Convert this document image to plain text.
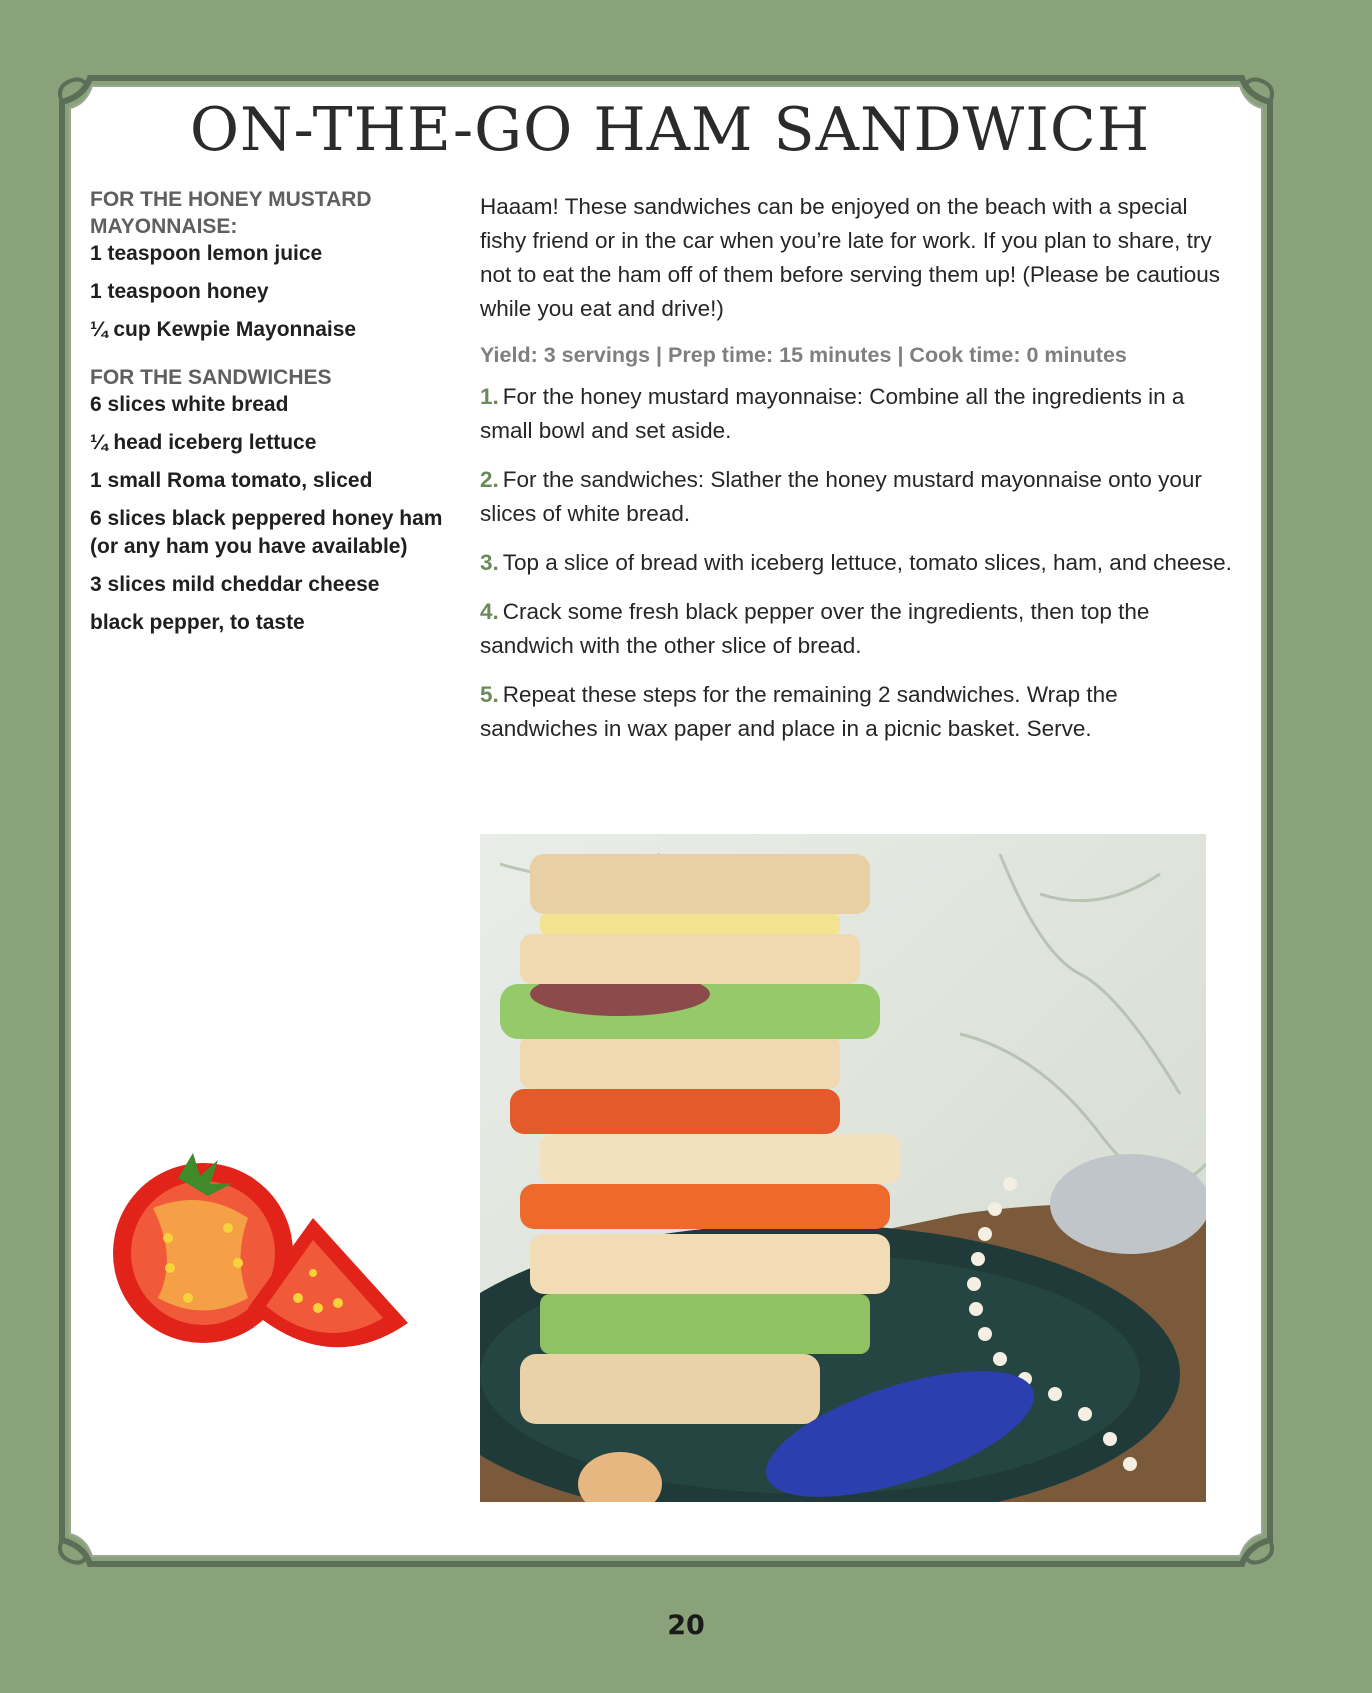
ON-THE-GO HAM SANDWICH
FOR THE HONEY MUSTARD MAYONNAISE:
1 teaspoon lemon juice
1 teaspoon honey
¼ cup Kewpie Mayonnaise
FOR THE SANDWICHES
6 slices white bread
¼ head iceberg lettuce
1 small Roma tomato, sliced
6 slices black peppered honey ham (or any ham you have available)
3 slices mild cheddar cheese
black pepper, to taste

Haaam! These sandwiches can be enjoyed on the beach with a special fishy friend or in the car when you’re late for work. If you plan to share, try not to eat the ham off of them before serving them up! (Please be cautious while you eat and drive!)

Yield: 3 servings | Prep time: 15 minutes | Cook time: 0 minutes

1. For the honey mustard mayonnaise: Combine all the ingredients in a small bowl and set aside.
2. For the sandwiches: Slather the honey mustard mayonnaise onto your slices of white bread.
3. Top a slice of bread with iceberg lettuce, tomato slices, ham, and cheese.
4. Crack some fresh black pepper over the ingredients, then top the sandwich with the other slice of bread.
5. Repeat these steps for the remaining 2 sandwiches. Wrap the sandwiches in wax paper and place in a picnic basket. Serve.
20
